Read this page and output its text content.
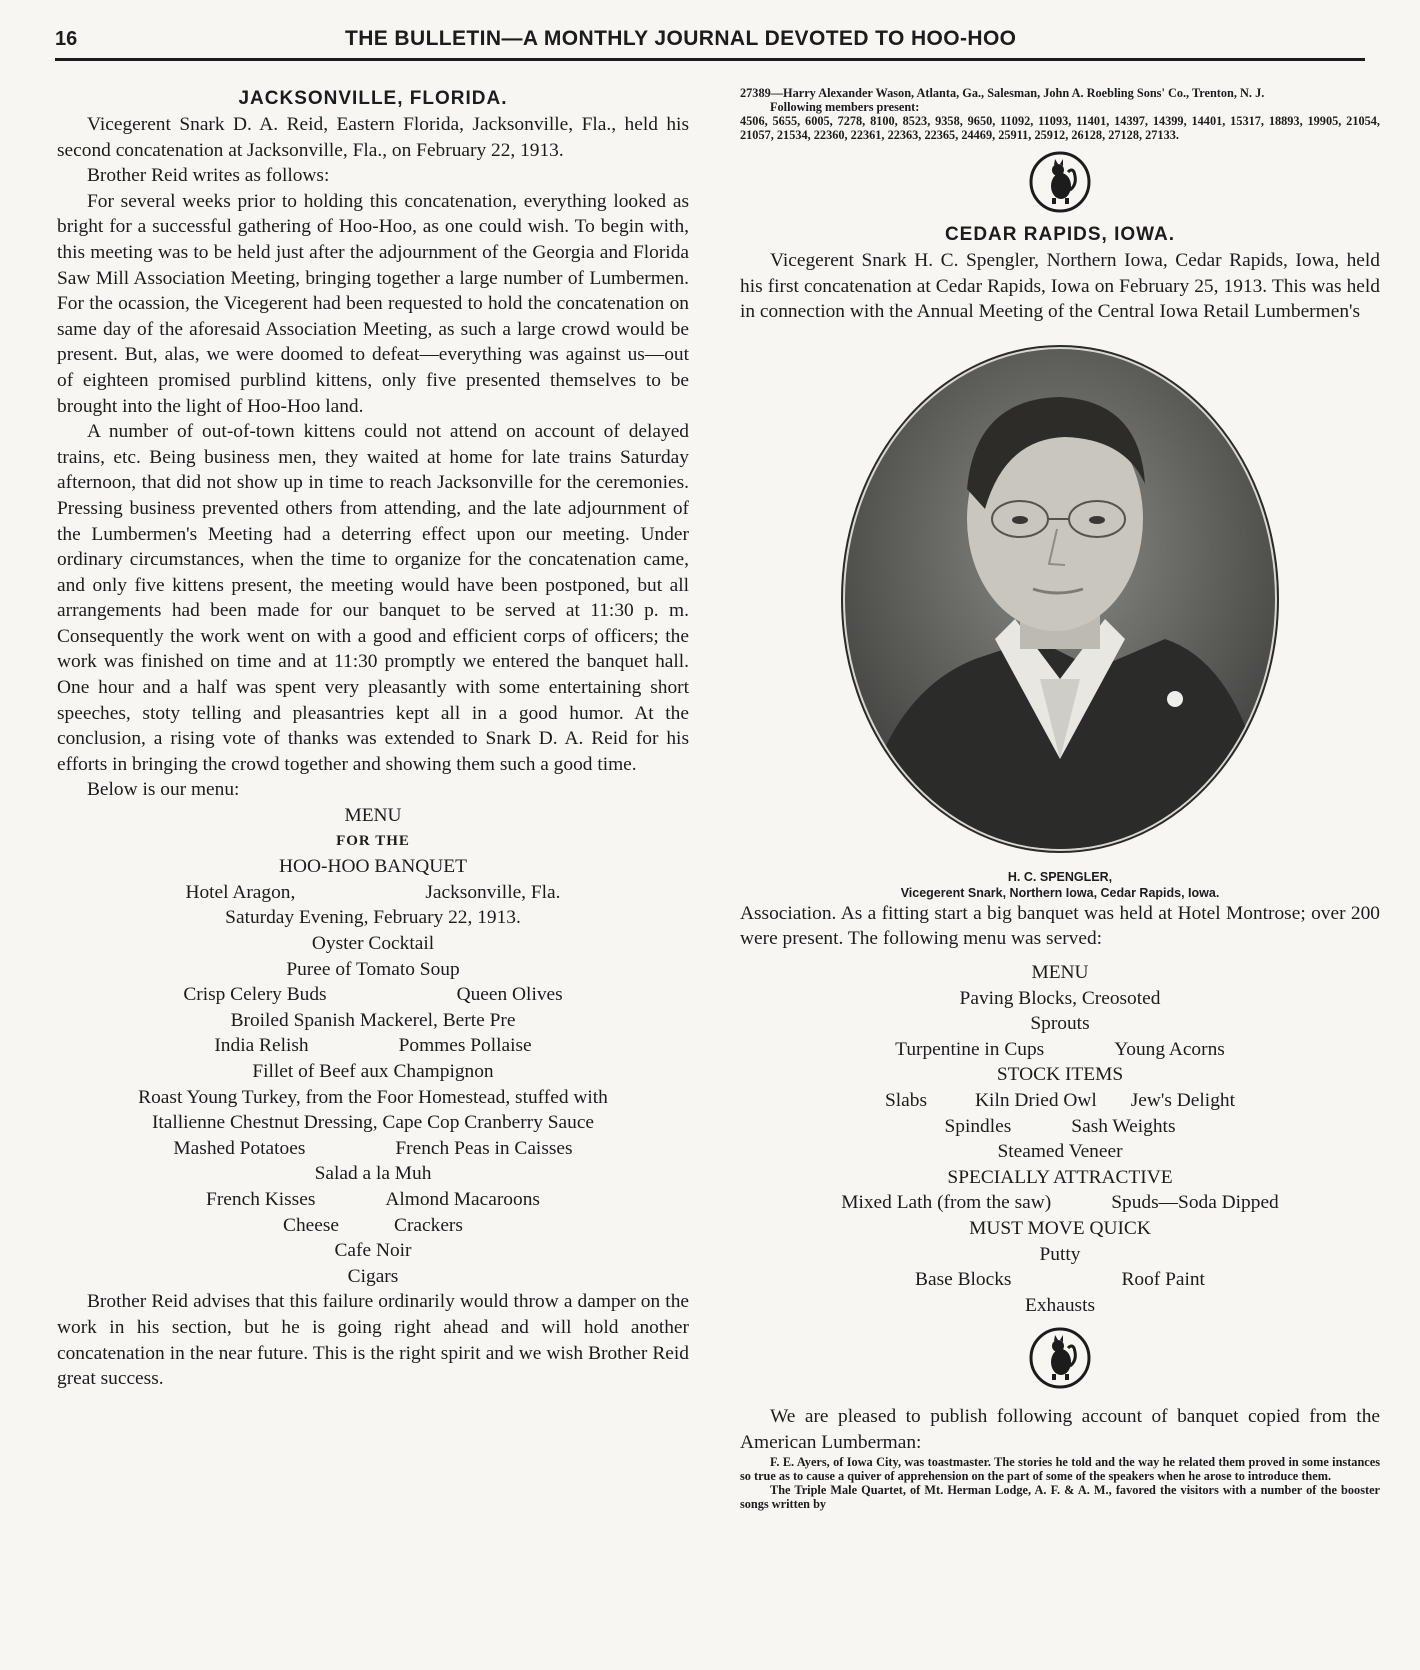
16	THE BULLETIN—A MONTHLY JOURNAL DEVOTED TO HOO-HOO
JACKSONVILLE, FLORIDA.

Vicegerent Snark D. A. Reid, Eastern Florida, Jacksonville, Fla., held his second concatenation at Jacksonville, Fla., on February 22, 1913.

Brother Reid writes as follows:

For several weeks prior to holding this concatenation, everything looked as bright for a successful gathering of Hoo-Hoo, as one could wish. To begin with, this meeting was to be held just after the adjournment of the Georgia and Florida Saw Mill Association Meeting, bringing together a large number of Lumbermen. For the ocassion, the Vicegerent had been requested to hold the concatenation on same day of the aforesaid Association Meeting, as such a large crowd would be present. But, alas, we were doomed to defeat—everything was against us—out of eighteen promised purblind kittens, only five presented themselves to be brought into the light of Hoo-Hoo land.

A number of out-of-town kittens could not attend on account of delayed trains, etc. Being business men, they waited at home for late trains Saturday afternoon, that did not show up in time to reach Jacksonville for the ceremonies. Pressing business prevented others from attending, and the late adjournment of the Lumbermen's Meeting had a deterring effect upon our meeting. Under ordinary circumstances, when the time to organize for the concatenation came, and only five kittens present, the meeting would have been postponed, but all arrangements had been made for our banquet to be served at 11:30 p. m. Consequently the work went on with a good and efficient corps of officers; the work was finished on time and at 11:30 promptly we entered the banquet hall. One hour and a half was spent very pleasantly with some entertaining short speeches, stoty telling and pleasantries kept all in a good humor. At the conclusion, a rising vote of thanks was extended to Snark D. A. Reid for his efforts in bringing the crowd together and showing them such a good time.

Below is our menu:

MENU
FOR THE
HOO-HOO BANQUET
Hotel Aragon,	Jacksonville, Fla.
Saturday Evening, February 22, 1913.
Oyster Cocktail
Puree of Tomato Soup
Crisp Celery Buds	Queen Olives
Broiled Spanish Mackerel, Berte Pre
India Relish	Pommes Pollaise
Fillet of Beef aux Champignon
Roast Young Turkey, from the Foor Homestead, stuffed with
Itallienne Chestnut Dressing, Cape Cop Cranberry Sauce
Mashed Potatoes	French Peas in Caisses
Salad a la Muh
French Kisses	Almond Macaroons
Cheese	Crackers
Cafe Noir
Cigars

Brother Reid advises that this failure ordinarily would throw a damper on the work in his section, but he is going right ahead and will hold another concatenation in the near future. This is the right spirit and we wish Brother Reid great success.

27389—Harry Alexander Wason, Atlanta, Ga., Salesman, John A. Roebling Sons' Co., Trenton, N. J.

Following members present:

4506, 5655, 6005, 7278, 8100, 8523, 9358, 9650, 11092, 11093, 11401, 14397, 14399, 14401, 15317, 18893, 19905, 21054, 21057, 21534, 22360, 22361, 22363, 22365, 24469, 25911, 25912, 26128, 27128, 27133.

CEDAR RAPIDS, IOWA.

Vicegerent Snark H. C. Spengler, Northern Iowa, Cedar Rapids, Iowa, held his first concatenation at Cedar Rapids, Iowa on February 25, 1913. This was held in connection with the Annual Meeting of the Central Iowa Retail Lumbermen's

H. C. SPENGLER,
Vicegerent Snark, Northern Iowa, Cedar Rapids, Iowa.

Association. As a fitting start a big banquet was held at Hotel Montrose; over 200 were present. The following menu was served:

MENU
Paving Blocks, Creosoted
Sprouts
Turpentine in Cups	Young Acorns
STOCK ITEMS
Slabs Kiln Dried Owl Jew's Delight
Spindles	Sash Weights
Steamed Veneer
SPECIALLY ATTRACTIVE
Mixed Lath (from the saw)	Spuds—Soda Dipped
MUST MOVE QUICK
Putty
Base Blocks	Roof Paint
Exhausts

We are pleased to publish following account of banquet copied from the American Lumberman:

F. E. Ayers, of Iowa City, was toastmaster. The stories he told and the way he related them proved in some instances so true as to cause a quiver of apprehension on the part of some of the speakers when he arose to introduce them.

The Triple Male Quartet, of Mt. Herman Lodge, A. F. & A. M., favored the visitors with a number of the booster songs written by
